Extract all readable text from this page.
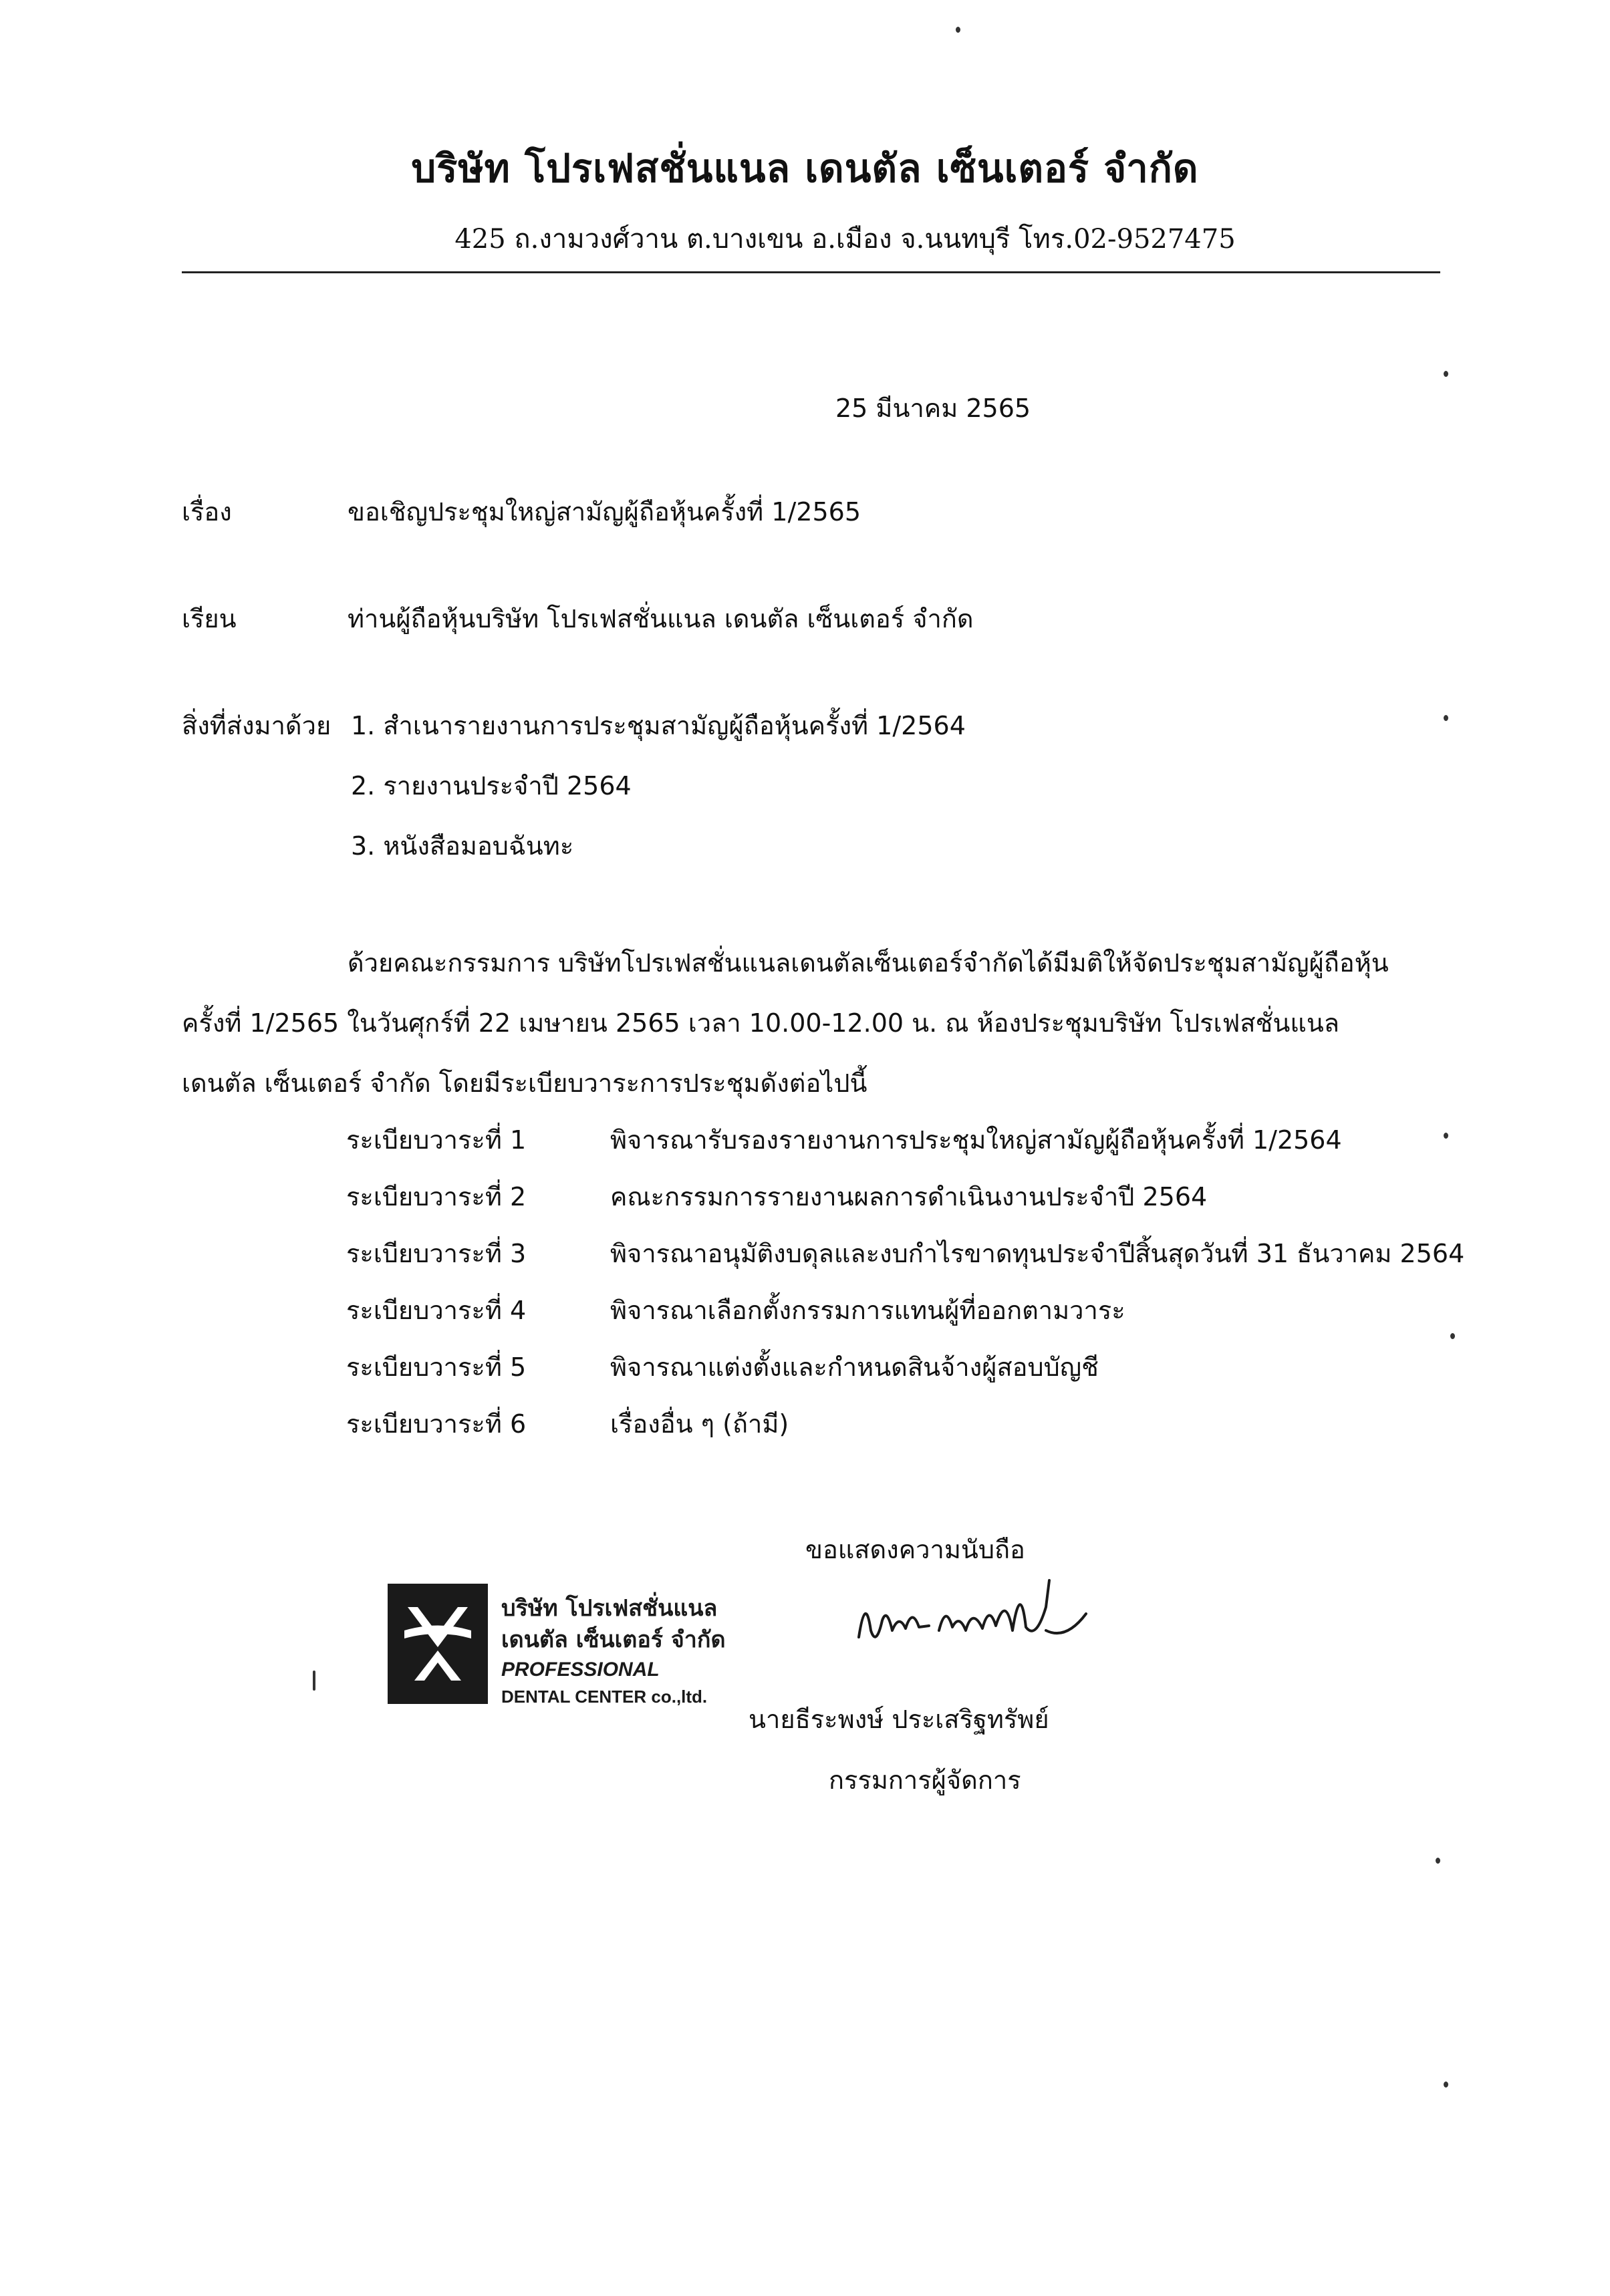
บริษัท โปรเฟสชั่นแนล เดนตัล เซ็นเตอร์ จำกัด
425 ถ.งามวงศ์วาน ต.บางเขน อ.เมือง จ.นนทบุรี โทร.02-9527475
25 มีนาคม 2565
เรื่อง	ขอเชิญประชุมใหญ่สามัญผู้ถือหุ้นครั้งที่ 1/2565
เรียน	ท่านผู้ถือหุ้นบริษัท โปรเฟสชั่นแนล เดนตัล เซ็นเตอร์ จำกัด
สิ่งที่ส่งมาด้วย 1. สำเนารายงานการประชุมสามัญผู้ถือหุ้นครั้งที่ 1/2564
2. รายงานประจำปี 2564
3. หนังสือมอบฉันทะ
ด้วยคณะกรรมการ บริษัทโปรเฟสชั่นแนลเดนตัลเซ็นเตอร์จำกัดได้มีมติให้จัดประชุมสามัญผู้ถือหุ้น
ครั้งที่ 1/2565 ในวันศุกร์ที่ 22 เมษายน 2565 เวลา 10.00-12.00 น. ณ ห้องประชุมบริษัท โปรเฟสชั่นแนล
เดนตัล เซ็นเตอร์ จำกัด โดยมีระเบียบวาระการประชุมดังต่อไปนี้
ระเบียบวาระที่ 1	พิจารณารับรองรายงานการประชุมใหญ่สามัญผู้ถือหุ้นครั้งที่ 1/2564
ระเบียบวาระที่ 2	คณะกรรมการรายงานผลการดำเนินงานประจำปี 2564
ระเบียบวาระที่ 3	พิจารณาอนุมัติงบดุลและงบกำไรขาดทุนประจำปีสิ้นสุดวันที่ 31 ธันวาคม 2564
ระเบียบวาระที่ 4	พิจารณาเลือกตั้งกรรมการแทนผู้ที่ออกตามวาระ
ระเบียบวาระที่ 5	พิจารณาแต่งตั้งและกำหนดสินจ้างผู้สอบบัญชี
ระเบียบวาระที่ 6	เรื่องอื่น ๆ (ถ้ามี)
ขอแสดงความนับถือ
บริษัท โปรเฟสชั่นแนล
เดนตัล เซ็นเตอร์ จำกัด
PROFESSIONAL
DENTAL CENTER co.,ltd.
นายธีระพงษ์ ประเสริฐทรัพย์
กรรมการผู้จัดการ
